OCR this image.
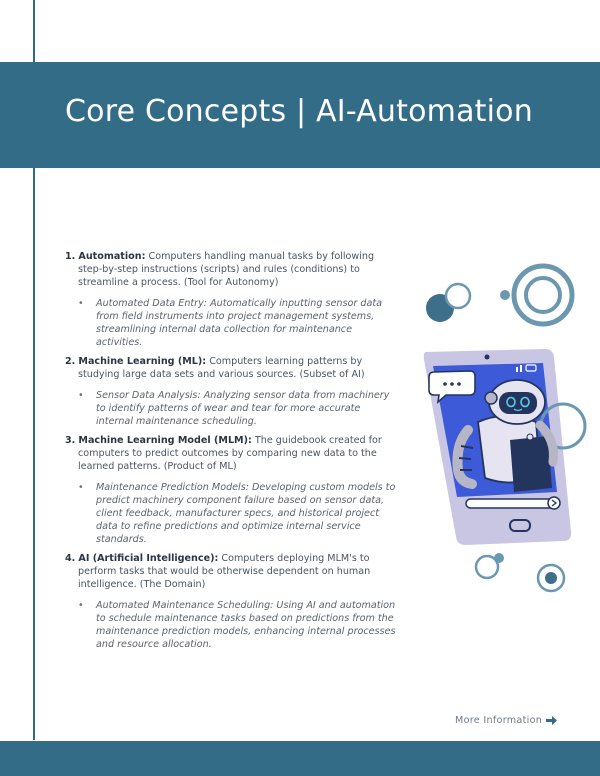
Core Concepts | AI-Automation

1. Automation: Computers handling manual tasks by following step-by-step instructions (scripts) and rules (conditions) to streamline a process. (Tool for Autonomy)

• Automated Data Entry: Automatically inputting sensor data from field instruments into project management systems, streamlining internal data collection for maintenance activities.

2. Machine Learning (ML): Computers learning patterns by studying large data sets and various sources. (Subset of AI)

• Sensor Data Analysis: Analyzing sensor data from machinery to identify patterns of wear and tear for more accurate internal maintenance scheduling.

3. Machine Learning Model (MLM): The guidebook created for computers to predict outcomes by comparing new data to the learned patterns. (Product of ML)

• Maintenance Prediction Models: Developing custom models to predict machinery component failure based on sensor data, client feedback, manufacturer specs, and historical project data to refine predictions and optimize internal service standards.

4. AI (Artificial Intelligence): Computers deploying MLM's to perform tasks that would be otherwise dependent on human intelligence. (The Domain)

• Automated Maintenance Scheduling: Using AI and automation to schedule maintenance tasks based on predictions from the maintenance prediction models, enhancing internal processes and resource allocation.
More Information
